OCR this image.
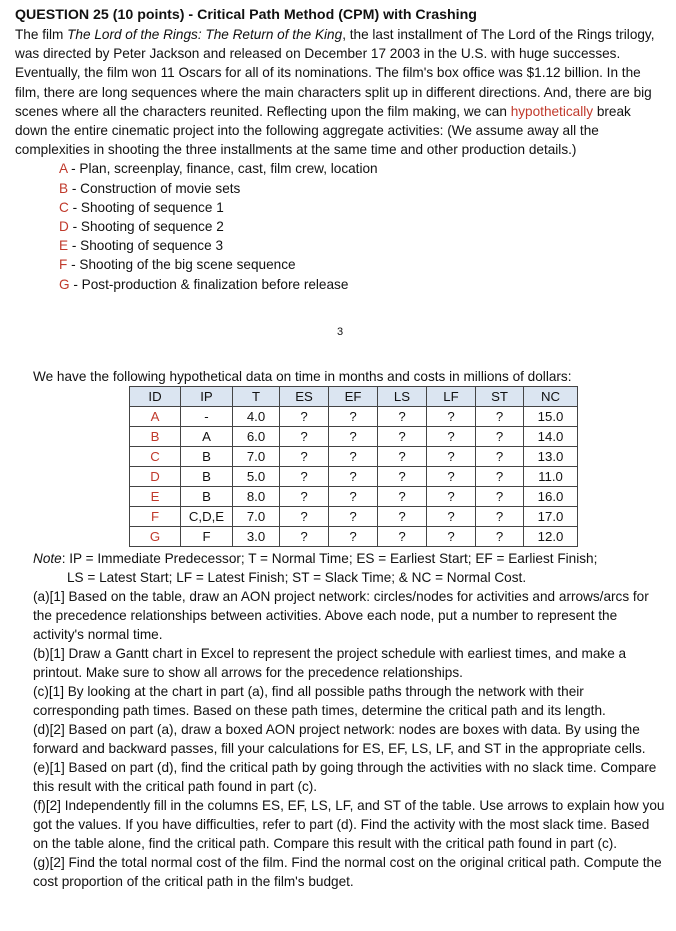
QUESTION 25 (10 points) - Critical Path Method (CPM) with Crashing

The film The Lord of the Rings: The Return of the King, the last installment of The Lord of the Rings trilogy, was directed by Peter Jackson and released on December 17 2003 in the U.S. with huge successes. Eventually, the film won 11 Oscars for all of its nominations. The film's box office was $1.12 billion. In the film, there are long sequences where the main characters split up in different directions. And, there are big scenes where all the characters reunited. Reflecting upon the film making, we can hypothetically break down the entire cinematic project into the following aggregate activities: (We assume away all the complexities in shooting the three installments at the same time and other production details.)

A - Plan, screenplay, finance, cast, film crew, location
B - Construction of movie sets
C - Shooting of sequence 1
D - Shooting of sequence 2
E - Shooting of sequence 3
F - Shooting of the big scene sequence
G - Post-production & finalization before release
3

We have the following hypothetical data on time in months and costs in millions of dollars:

ID	IP	T	ES	EF	LS	LF	ST	NC
A	-	4.0	?	?	?	?	?	15.0
B	A	6.0	?	?	?	?	?	14.0
C	B	7.0	?	?	?	?	?	13.0
D	B	5.0	?	?	?	?	?	11.0
E	B	8.0	?	?	?	?	?	16.0
F	C,D,E	7.0	?	?	?	?	?	17.0
G	F	3.0	?	?	?	?	?	12.0
Note: IP = Immediate Predecessor; T = Normal Time; ES = Earliest Start; EF = Earliest Finish;
LS = Latest Start; LF = Latest Finish; ST = Slack Time; & NC = Normal Cost.

(a)[1] Based on the table, draw an AON project network: circles/nodes for activities and arrows/arcs for the precedence relationships between activities. Above each node, put a number to represent the activity's normal time.

(b)[1] Draw a Gantt chart in Excel to represent the project schedule with earliest times, and make a printout. Make sure to show all arrows for the precedence relationships.

(c)[1] By looking at the chart in part (a), find all possible paths through the network with their corresponding path times. Based on these path times, determine the critical path and its length.

(d)[2] Based on part (a), draw a boxed AON project network: nodes are boxes with data. By using the forward and backward passes, fill your calculations for ES, EF, LS, LF, and ST in the appropriate cells.

(e)[1] Based on part (d), find the critical path by going through the activities with no slack time. Compare this result with the critical path found in part (c).

(f)[2] Independently fill in the columns ES, EF, LS, LF, and ST of the table. Use arrows to explain how you got the values. If you have difficulties, refer to part (d). Find the activity with the most slack time. Based on the table alone, find the critical path. Compare this result with the critical path found in part (c).

(g)[2] Find the total normal cost of the film. Find the normal cost on the original critical path. Compute the cost proportion of the critical path in the film's budget.
